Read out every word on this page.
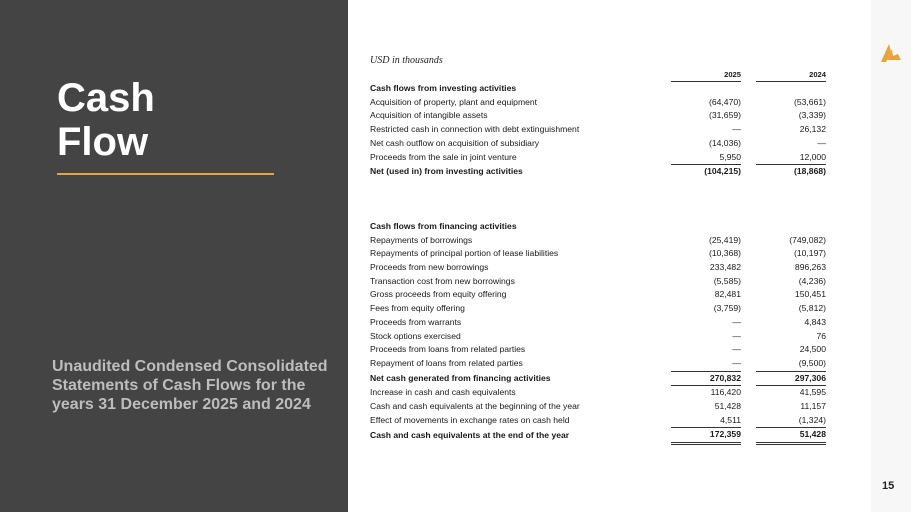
Cash
Flow
Unaudited Condensed Consolidated Statements of Cash Flows for the years 31 December 2025 and 2024
15
USD in thousands
	2025		2024
Cash flows from investing activities			
Acquisition of property, plant and equipment	(64,470)		(53,661)
Acquisition of intangible assets	(31,659)		(3,339)
Restricted cash in connection with debt extinguishment	—		26,132
Net cash outflow on acquisition of subsidiary	(14,036)		—
Proceeds from the sale in joint venture	5,950		12,000
Net (used in) from investing activities	(104,215)		(18,868)

Cash flows from financing activities			
Repayments of borrowings	(25,419)		(749,082)
Repayments of principal portion of lease liabilities	(10,368)		(10,197)
Proceeds from new borrowings	233,482		896,263
Transaction cost from new borrowings	(5,585)		(4,236)
Gross proceeds from equity offering	82,481		150,451
Fees from equity offering	(3,759)		(5,812)
Proceeds from warrants	—		4,843
Stock options exercised	—		76
Proceeds from loans from related parties	—		24,500
Repayment of loans from related parties	—		(9,500)
Net cash generated from financing activities	270,832		297,306
Increase in cash and cash equivalents	116,420		41,595
Cash and cash equivalents at the beginning of the year	51,428		11,157
Effect of movements in exchange rates on cash held	4,511		(1,324)
Cash and cash equivalents at the end of the year	172,359		51,428
